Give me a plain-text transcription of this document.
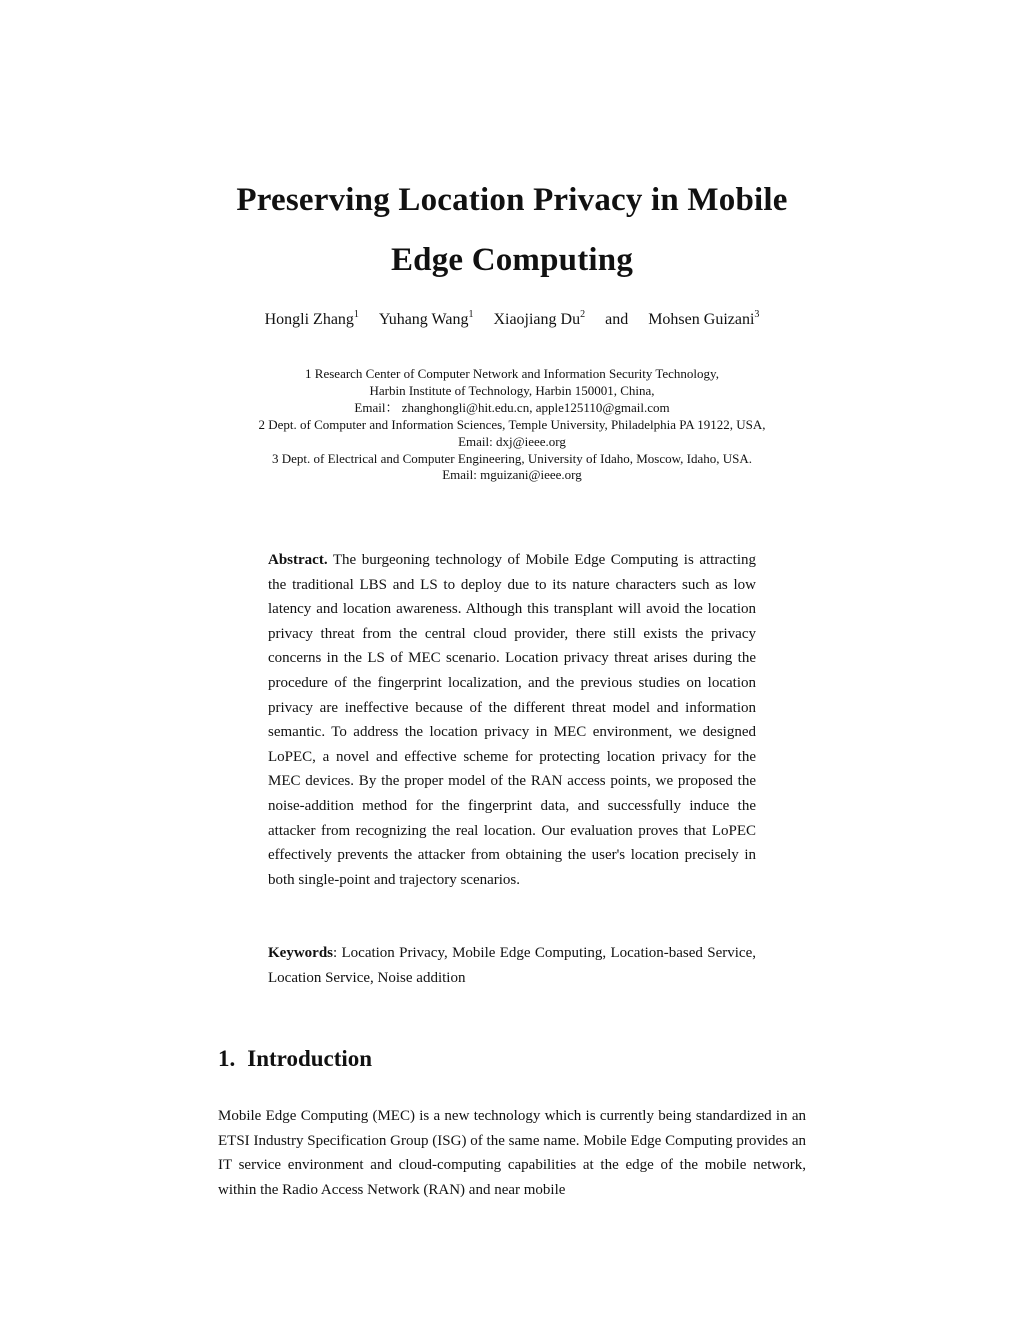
Preserving Location Privacy in Mobile
Edge Computing
Hongli Zhang$^1$ Yuhang Wang$^1$ Xiaojiang Du$^2$ and Mohsen Guizani$^3$
1 Research Center of Computer Network and Information Security Technology,
Harbin Institute of Technology, Harbin 150001, China,
Email： zhanghongli@hit.edu.cn, apple125110@gmail.com
2 Dept. of Computer and Information Sciences, Temple University, Philadelphia PA 19122, USA,
Email: dxj@ieee.org
3 Dept. of Electrical and Computer Engineering, University of Idaho, Moscow, Idaho, USA.
Email: mguizani@ieee.org
Abstract. The burgeoning technology of Mobile Edge Computing is attracting the traditional LBS and LS to deploy due to its nature characters such as low latency and location awareness. Although this transplant will avoid the location privacy threat from the central cloud provider, there still exists the privacy concerns in the LS of MEC scenario. Location privacy threat arises during the procedure of the fingerprint localization, and the previous studies on location privacy are ineffective because of the different threat model and information semantic. To address the location privacy in MEC environment, we designed LoPEC, a novel and effective scheme for protecting location privacy for the MEC devices. By the proper model of the RAN access points, we proposed the noise-addition method for the fingerprint data, and successfully induce the attacker from recognizing the real location. Our evaluation proves that LoPEC effectively prevents the attacker from obtaining the user's location precisely in both single-point and trajectory scenarios.
Keywords: Location Privacy, Mobile Edge Computing, Location-based Service, Location Service, Noise addition
1. Introduction

Mobile Edge Computing (MEC) is a new technology which is currently being standardized in an ETSI Industry Specification Group (ISG) of the same name. Mobile Edge Computing provides an IT service environment and cloud-computing capabilities at the edge of the mobile network, within the Radio Access Network (RAN) and near mobile
